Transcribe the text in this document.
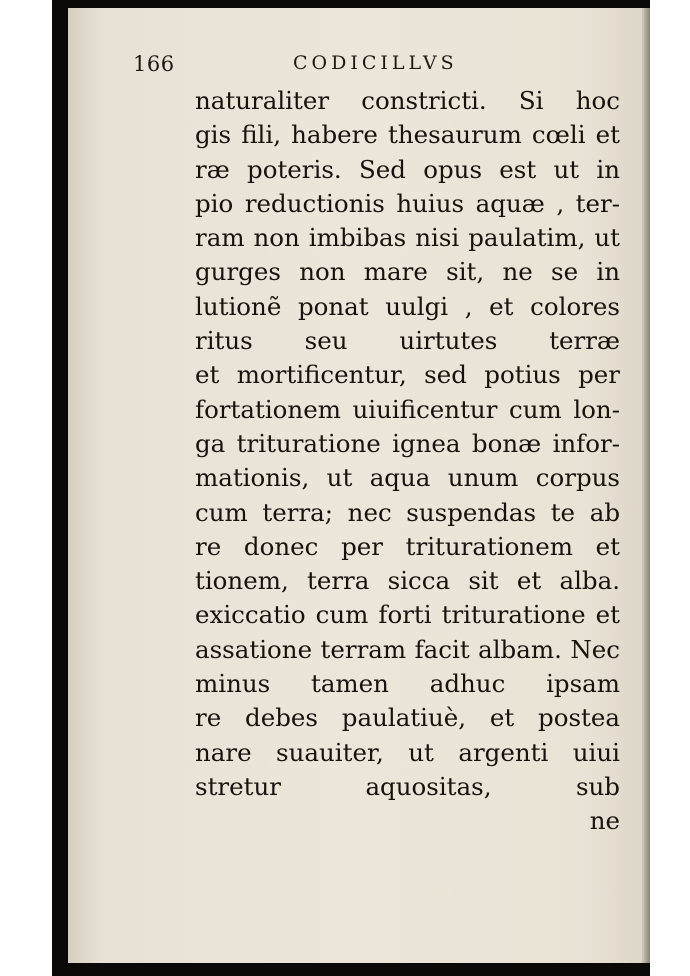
166	CODICILLVS
naturaliter constricti. Si hoc
gis fili, habere thesaurum cœli et
ræ poteris. Sed opus est ut in
pio reductionis huius aquæ , ter-
ram non imbibas nisi paulatim, ut
gurges non mare sit, ne se in
lutionẽ ponat uulgi , et colores
ritus seu uirtutes terræ
et mortificentur, sed potius per
fortationem uiuificentur cum lon-
ga trituratione ignea bonæ infor-
mationis, ut aqua unum corpus
cum terra; nec suspendas te ab
re donec per triturationem et
tionem, terra sicca sit et alba.
exiccatio cum forti trituratione et
assatione terram facit albam. Nec
minus tamen adhuc ipsam
re debes paulatiuè, et postea
nare suauiter, ut argenti uiui
stretur aquositas, sub
ne
